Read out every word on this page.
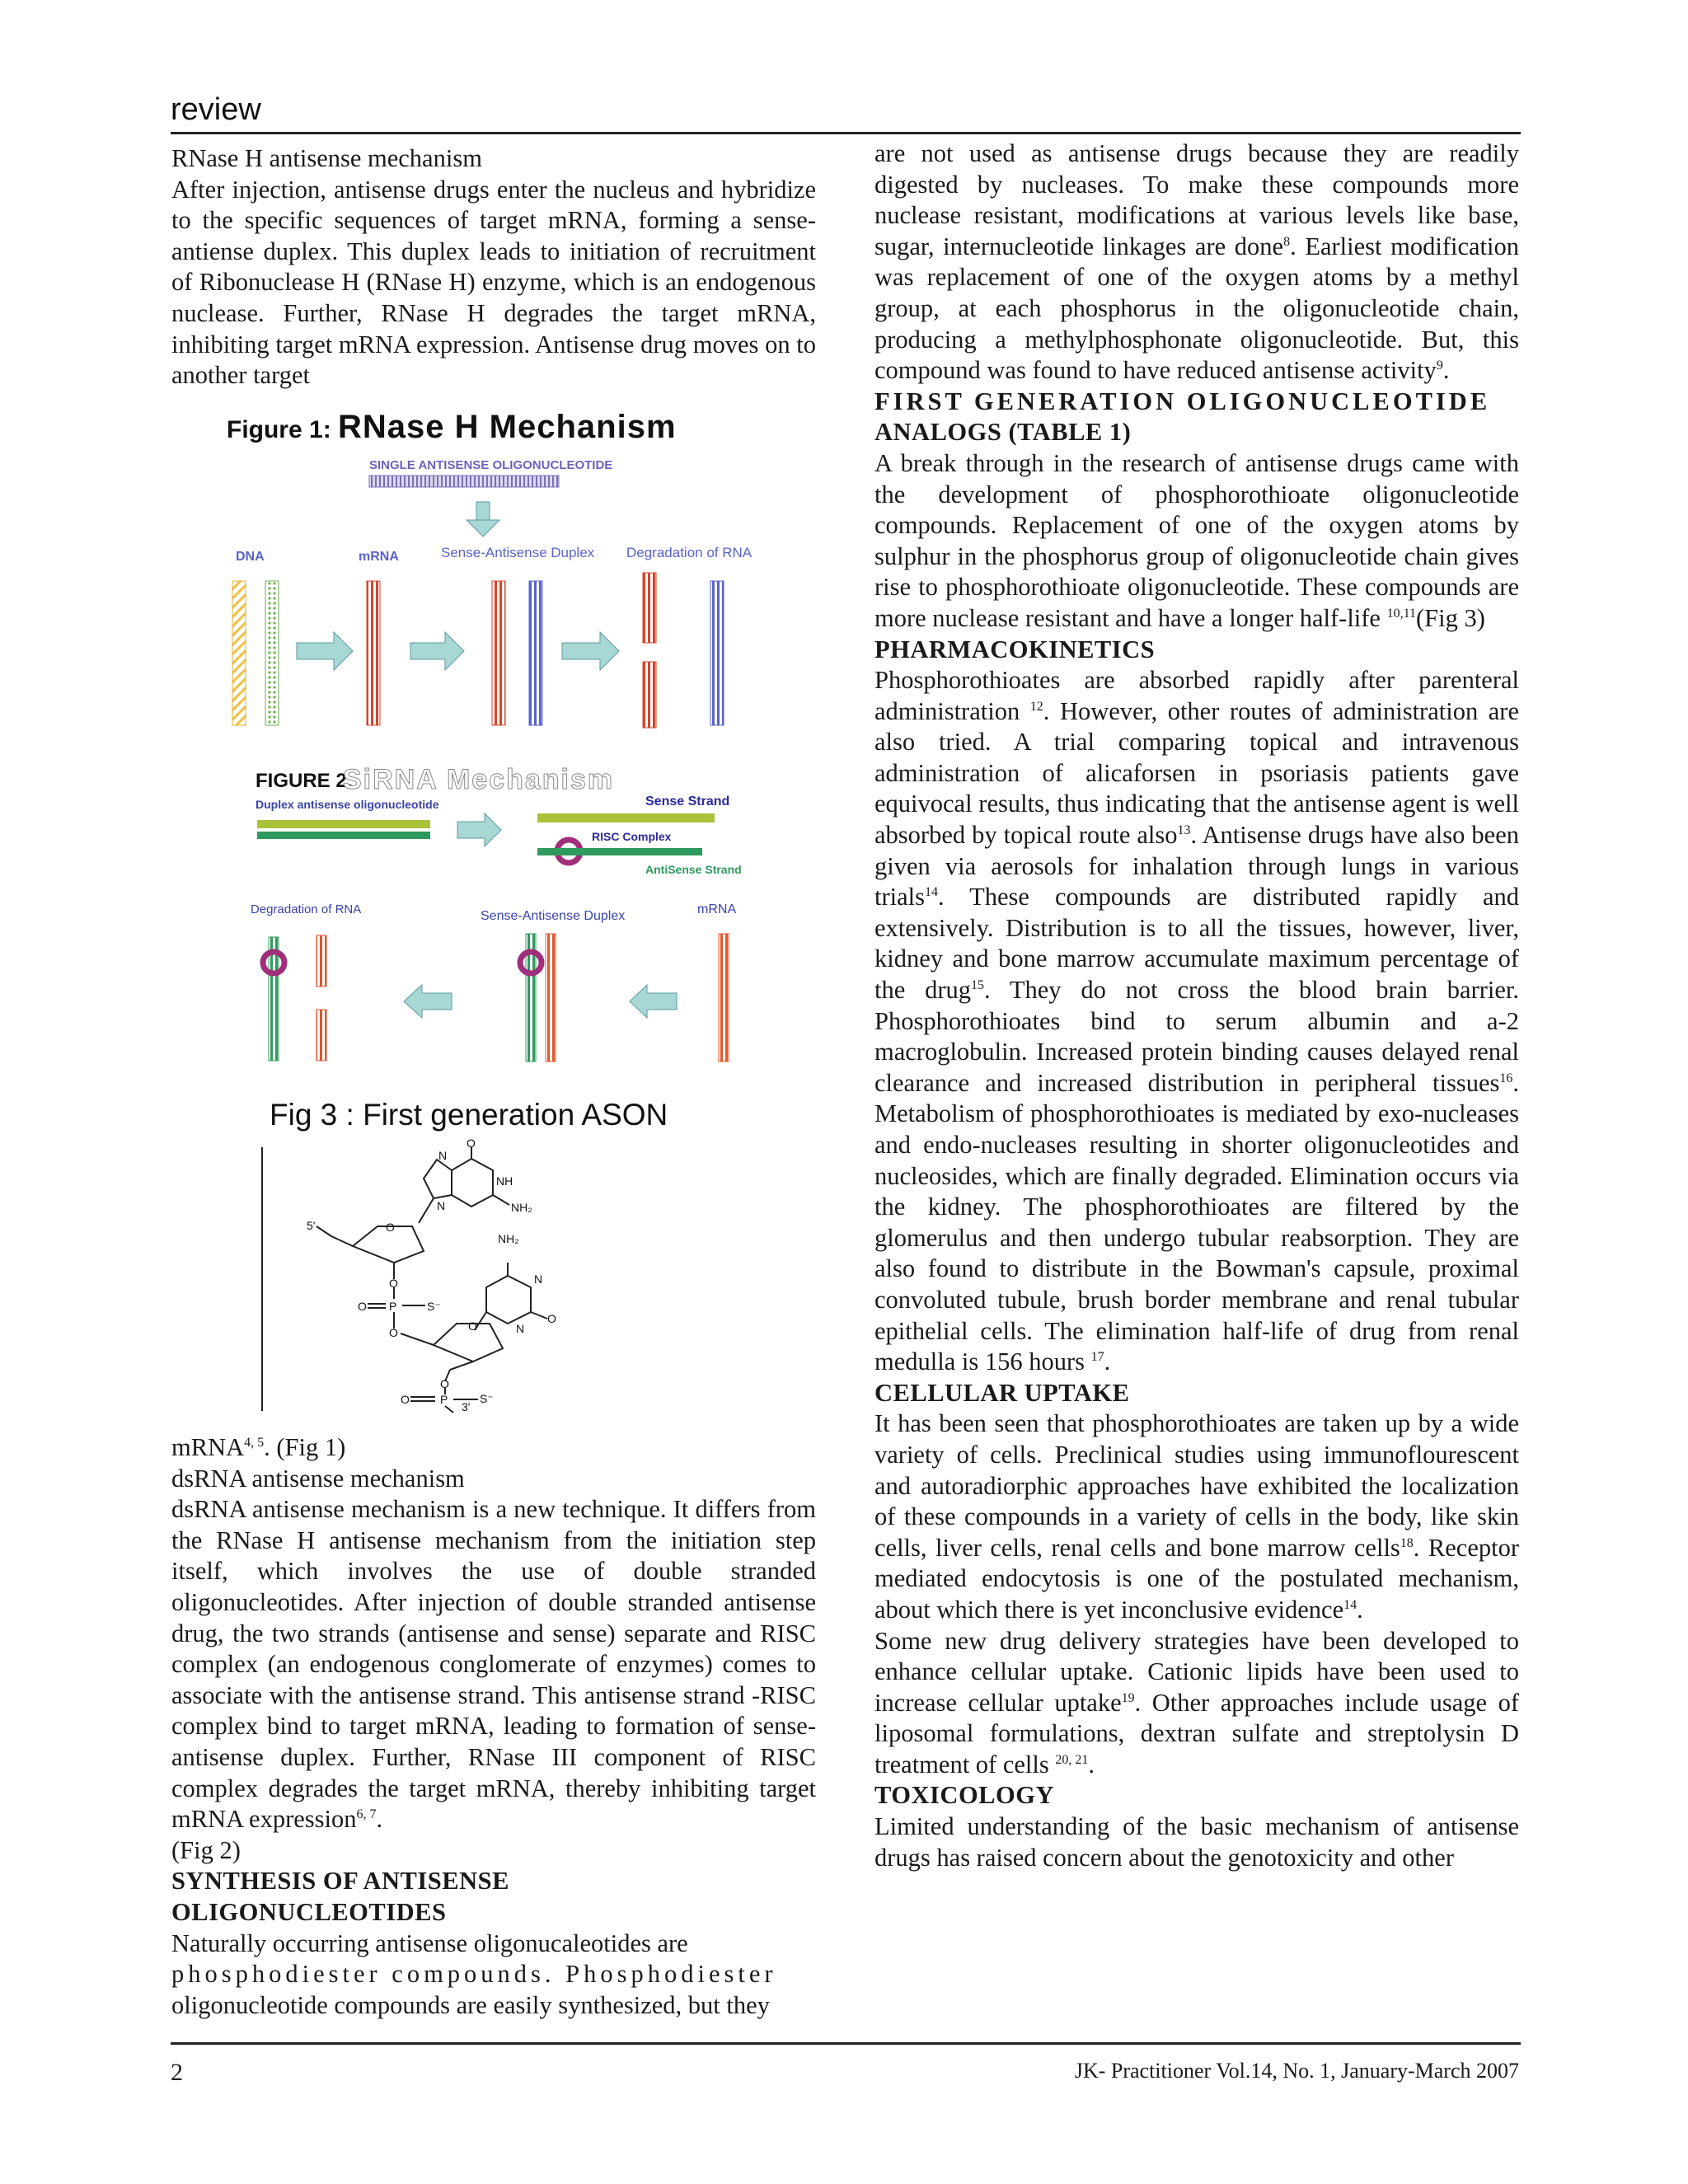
review

RNase H antisense mechanism

After injection, antisense drugs enter the nucleus and hybridize to the specific sequences of target mRNA, forming a sense-antiense duplex. This duplex leads to initiation of recruitment of Ribonuclease H (RNase H) enzyme, which is an endogenous nuclease. Further, RNase H degrades the target mRNA, inhibiting target mRNA expression. Antisense drug moves on to another target

Figure 1: RNase H Mechanism
SINGLE ANTISENSE OLIGONUCLEOTIDE
DNA	mRNA	Sense-Antisense Duplex Degradation of RNA
FIGURE 2:
SiRNA Mechanism
Duplex antisense oligonucleotide	Sense Strand
RISC Complex
AntiSense Strand
Degradation of RNA	Sense-Antisense Duplex	mRNA
Fig 3 : First generation ASON
O
N
NH
N	NH₂
NH₂
N
N
O
O
O
P	S⁻
O
O	O
O
P	S⁻
O
3'
5'

mRNA$^{4, 5}$. (Fig 1)

dsRNA antisense mechanism

dsRNA antisense mechanism is a new technique. It differs from the RNase H antisense mechanism from the initiation step itself, which involves the use of double stranded oligonucleotides. After injection of double stranded antisense drug, the two strands (antisense and sense) separate and RISC complex (an endogenous conglomerate of enzymes) comes to associate with the antisense strand. This antisense strand -RISC complex bind to target mRNA, leading to formation of sense-antisense duplex. Further, RNase III component of RISC complex degrades the target mRNA, thereby inhibiting target mRNA expression$^{6, 7}$.

(Fig 2)

SYNTHESIS OF ANTISENSE

OLIGONUCLEOTIDES

Naturally occurring antisense oligonucaleotides are

phosphodiester compounds. Phosphodiester

oligonucleotide compounds are easily synthesized, but they

are not used as antisense drugs because they are readily digested by nucleases. To make these compounds more nuclease resistant, modifications at various levels like base, sugar, internucleotide linkages are done$^8$. Earliest modification was replacement of one of the oxygen atoms by a methyl group, at each phosphorus in the oligonucleotide chain, producing a methylphosphonate oligonucleotide. But, this compound was found to have reduced antisense activity$^9$.

FIRST GENERATION OLIGONUCLEOTIDE

ANALOGS (TABLE 1)

A break through in the research of antisense drugs came with the development of phosphorothioate oligonucleotide compounds. Replacement of one of the oxygen atoms by sulphur in the phosphorus group of oligonucleotide chain gives rise to phosphorothioate oligonucleotide. These compounds are more nuclease resistant and have a longer half-life $^{10,11}$(Fig 3)

PHARMACOKINETICS

Phosphorothioates are absorbed rapidly after parenteral administration $^{12}$. However, other routes of administration are also tried. A trial comparing topical and intravenous administration of alicaforsen in psoriasis patients gave equivocal results, thus indicating that the antisense agent is well absorbed by topical route also$^{13}$. Antisense drugs have also been given via aerosols for inhalation through lungs in various trials$^{14}$. These compounds are distributed rapidly and extensively. Distribution is to all the tissues, however, liver, kidney and bone marrow accumulate maximum percentage of the drug$^{15}$. They do not cross the blood brain barrier. Phosphorothioates bind to serum albumin and a-2 macroglobulin. Increased protein binding causes delayed renal clearance and increased distribution in peripheral tissues$^{16}$. Metabolism of phosphorothioates is mediated by exo-nucleases and endo-nucleases resulting in shorter oligonucleotides and nucleosides, which are finally degraded. Elimination occurs via the kidney. The phosphorothioates are filtered by the glomerulus and then undergo tubular reabsorption. They are also found to distribute in the Bowman's capsule, proximal convoluted tubule, brush border membrane and renal tubular epithelial cells. The elimination half-life of drug from renal medulla is 156 hours $^{17}$.

CELLULAR UPTAKE

It has been seen that phosphorothioates are taken up by a wide variety of cells. Preclinical studies using immunoflourescent and autoradiorphic approaches have exhibited the localization of these compounds in a variety of cells in the body, like skin cells, liver cells, renal cells and bone marrow cells$^{18}$. Receptor mediated endocytosis is one of the postulated mechanism, about which there is yet inconclusive evidence$^{14}$.

Some new drug delivery strategies have been developed to enhance cellular uptake. Cationic lipids have been used to increase cellular uptake$^{19}$. Other approaches include usage of liposomal formulations, dextran sulfate and streptolysin D treatment of cells $^{20, 21}$.

TOXICOLOGY

Limited understanding of the basic mechanism of antisense drugs has raised concern about the genotoxicity and other

2	JK- Practitioner Vol.14, No. 1, January-March 2007
